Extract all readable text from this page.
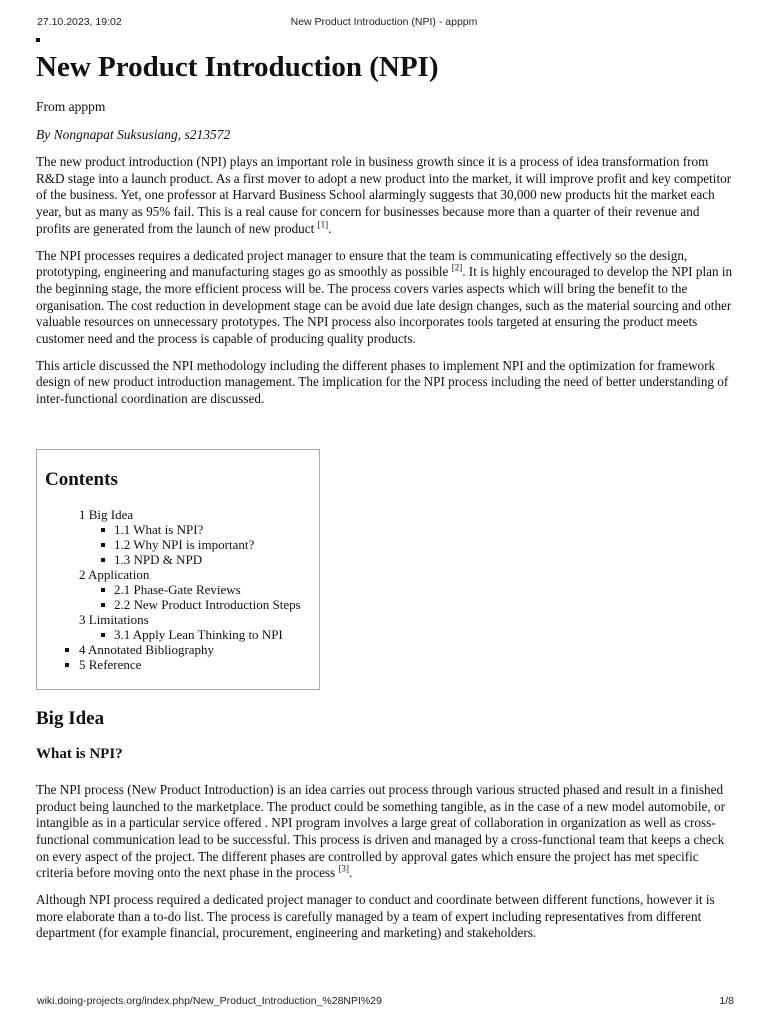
27.10.2023, 19:02	New Product Introduction (NPI) - apppm
New Product Introduction (NPI)

From apppm

By Nongnapat Suksusiang, s213572

The new product introduction (NPI) plays an important role in business growth since it is a process of idea transformation from R&D stage into a launch product. As a first mover to adopt a new product into the market, it will improve profit and key competitor of the business. Yet, one professor at Harvard Business School alarmingly suggests that 30,000 new products hit the market each year, but as many as 95% fail. This is a real cause for concern for businesses because more than a quarter of their revenue and profits are generated from the launch of new product [1].

The NPI processes requires a dedicated project manager to ensure that the team is communicating effectively so the design, prototyping, engineering and manufacturing stages go as smoothly as possible [2]. It is highly encouraged to develop the NPI plan in the beginning stage, the more efficient process will be. The process covers varies aspects which will bring the benefit to the organisation. The cost reduction in development stage can be avoid due late design changes, such as the material sourcing and other valuable resources on unnecessary prototypes. The NPI process also incorporates tools targeted at ensuring the product meets customer need and the process is capable of producing quality products.

This article discussed the NPI methodology including the different phases to implement NPI and the optimization for framework design of new product introduction management. The implication for the NPI process including the need of better understanding of inter-functional coordination are discussed.

Contents
1 Big Idea
1.1 What is NPI?
1.2 Why NPI is important?
1.3 NPD & NPD
2 Application
2.1 Phase-Gate Reviews
2.2 New Product Introduction Steps
3 Limitations
3.1 Apply Lean Thinking to NPI
4 Annotated Bibliography
5 Reference
Big Idea
What is NPI?

The NPI process (New Product Introduction) is an idea carries out process through various structed phased and result in a finished product being launched to the marketplace. The product could be something tangible, as in the case of a new model automobile, or intangible as in a particular service offered . NPI program involves a large great of collaboration in organization as well as cross-functional communication lead to be successful. This process is driven and managed by a cross-functional team that keeps a check on every aspect of the project. The different phases are controlled by approval gates which ensure the project has met specific criteria before moving onto the next phase in the process [3].

Although NPI process required a dedicated project manager to conduct and coordinate between different functions, however it is more elaborate than a to-do list. The process is carefully managed by a team of expert including representatives from different department (for example financial, procurement, engineering and marketing) and stakeholders.

wiki.doing-projects.org/index.php/New_Product_Introduction_%28NPI%29	1/8
